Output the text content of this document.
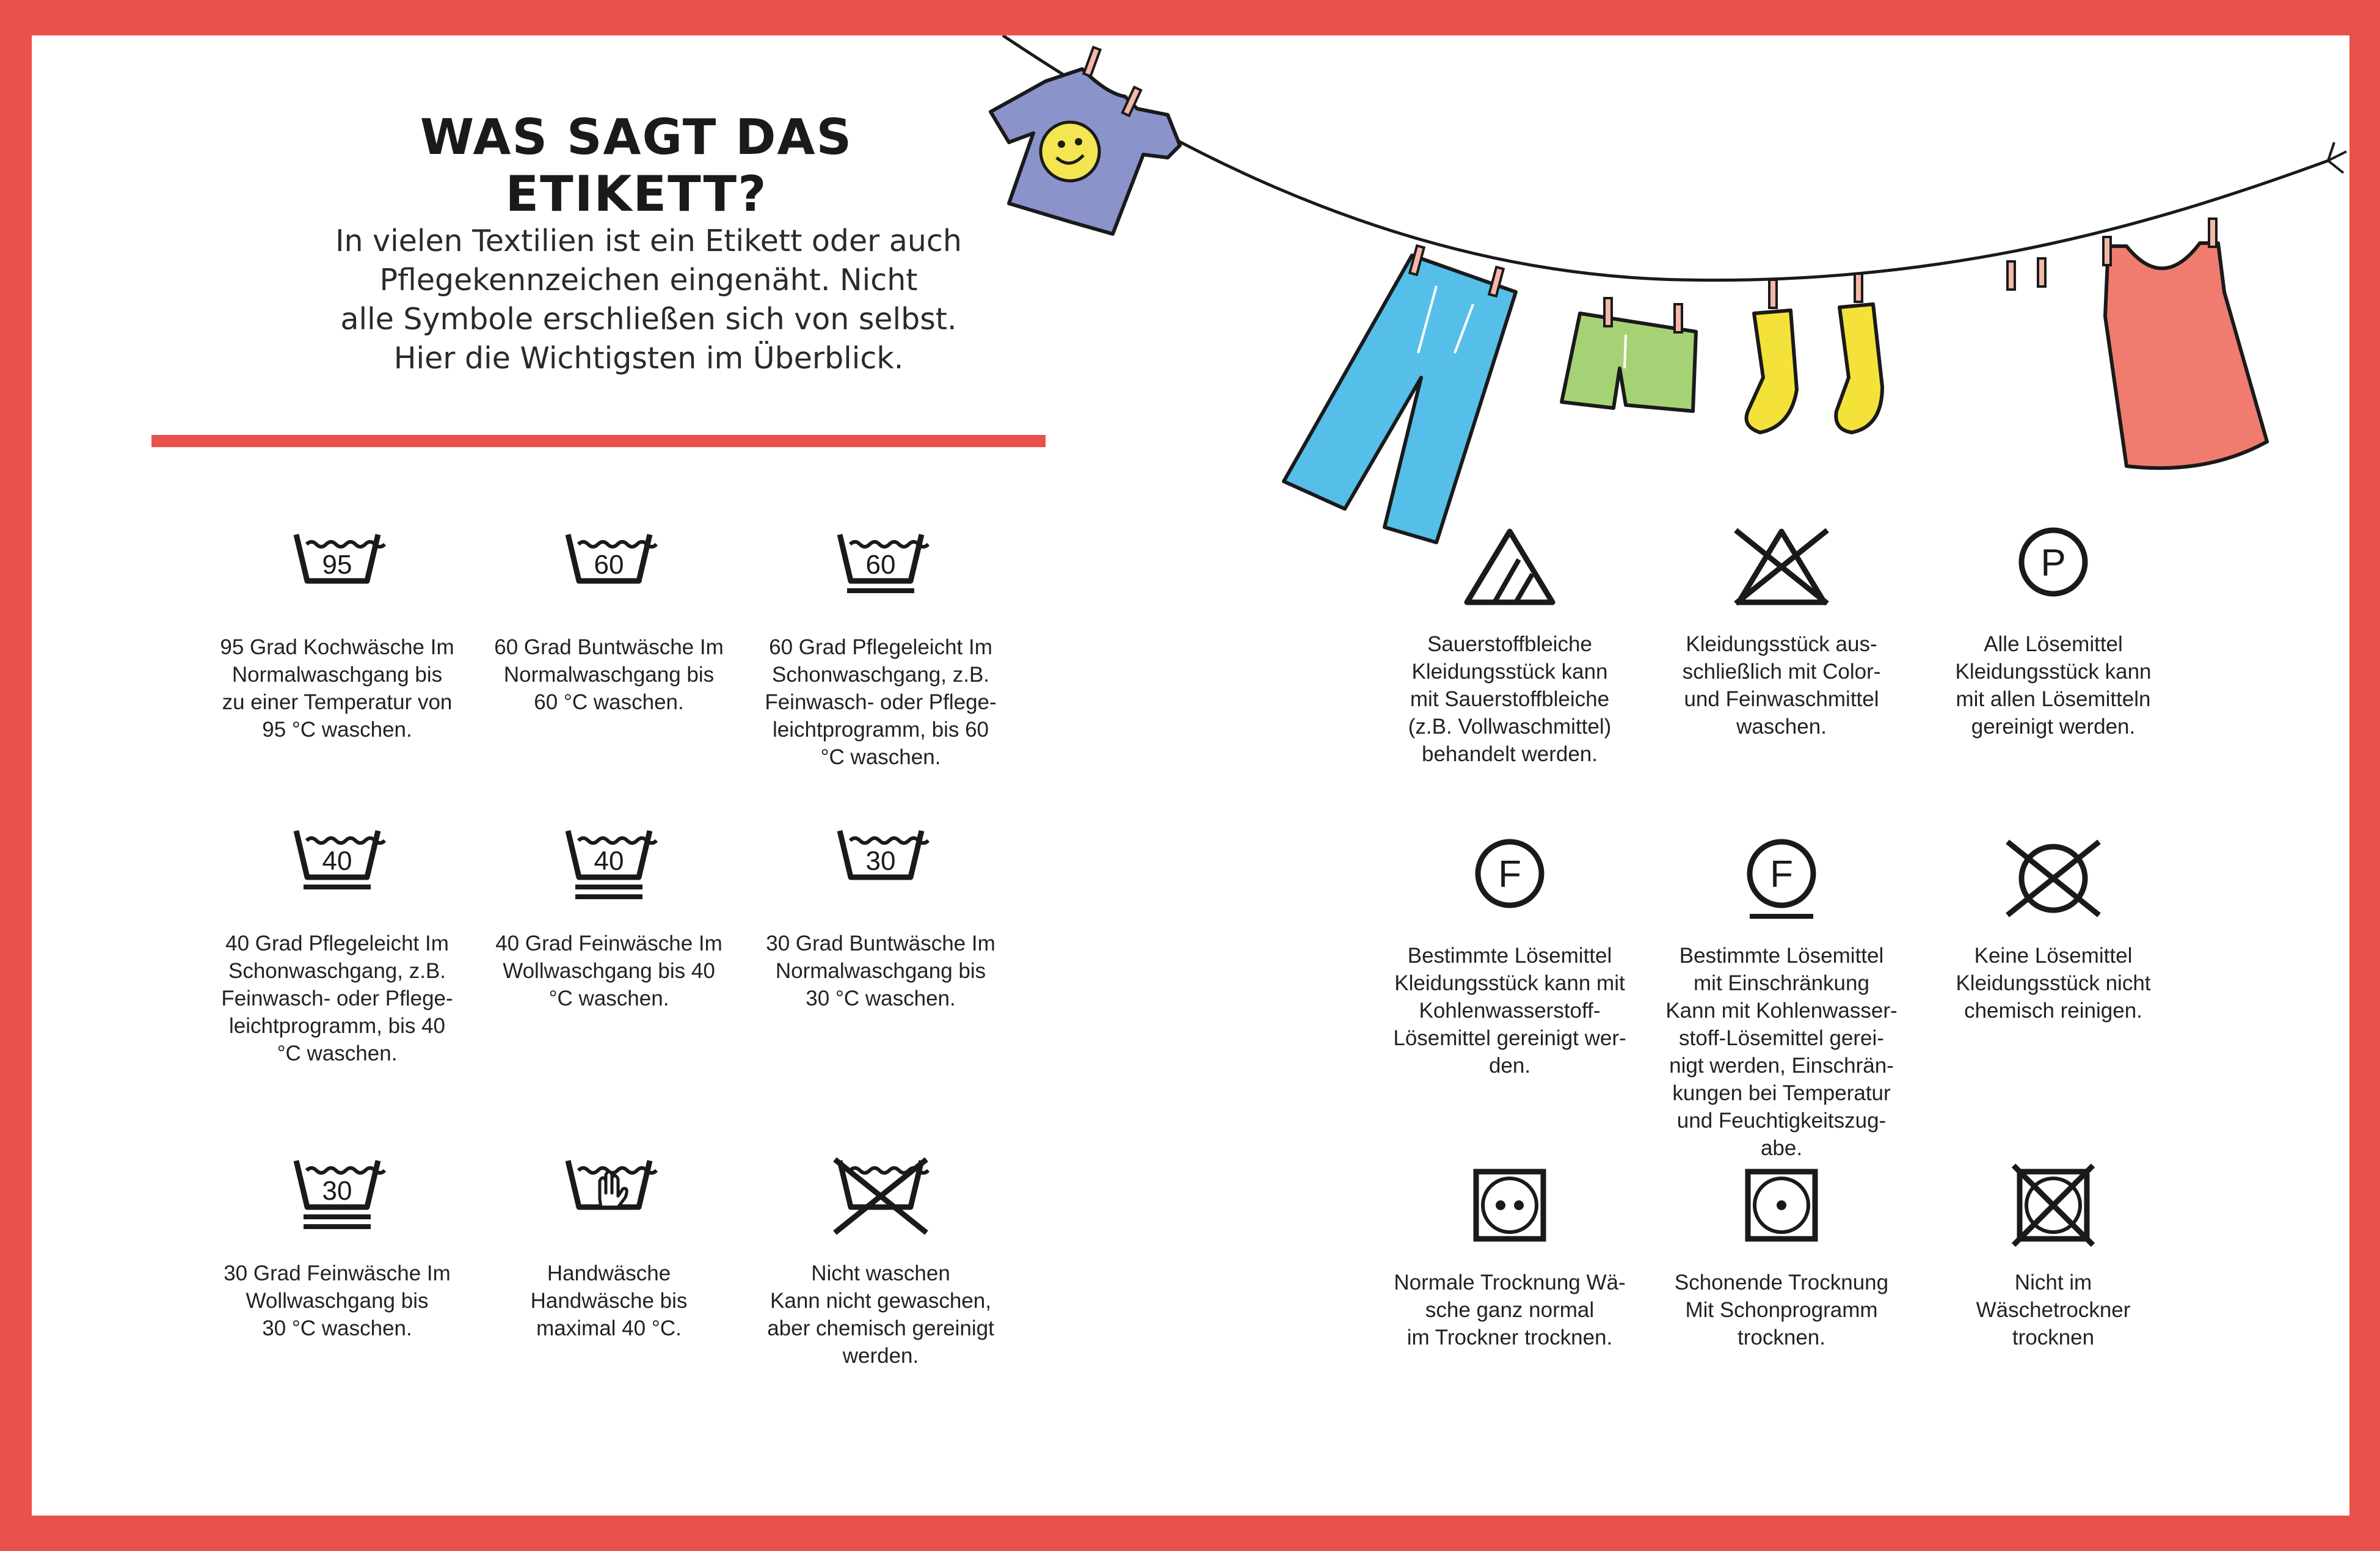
WAS SAGT DAS ETIKETT?
In vielen Textilien ist ein Etikett oder auch
Pflegekennzeichen eingenäht. Nicht
alle Symbole erschließen sich von selbst.
Hier die Wichtigsten im Überblick.
95
95 Grad Kochwäsche Im
Normalwaschgang bis
zu einer Temperatur von
95 °C waschen.
60
60 Grad Buntwäsche Im
Normalwaschgang bis
60 °C waschen.
60
60 Grad Pflegeleicht Im
Schonwaschgang, z.B.
Feinwasch- oder Pflege-
leichtprogramm, bis 60
°C waschen.
40
40 Grad Pflegeleicht Im
Schonwaschgang, z.B.
Feinwasch- oder Pflege-
leichtprogramm, bis 40
°C waschen.
40
40 Grad Feinwäsche Im
Wollwaschgang bis 40
°C waschen.
30
30 Grad Buntwäsche Im
Normalwaschgang bis
30 °C waschen.
30
30 Grad Feinwäsche Im
Wollwaschgang bis
30 °C waschen.
Handwäsche
Handwäsche bis
maximal 40 °C.
Nicht waschen
Kann nicht gewaschen,
aber chemisch gereinigt
werden.
Sauerstoffbleiche
Kleidungsstück kann
mit Sauerstoffbleiche
(z.B. Vollwaschmittel)
behandelt werden.
Kleidungsstück aus-
schließlich mit Color-
und Feinwaschmittel
waschen.
P
Alle Lösemittel
Kleidungsstück kann
mit allen Lösemitteln
gereinigt werden.
F
Bestimmte Lösemittel
Kleidungsstück kann mit
Kohlenwasserstoff-
Lösemittel gereinigt wer-
den.
F
Bestimmte Lösemittel
mit Einschränkung
Kann mit Kohlenwasser-
stoff-Lösemittel gerei-
nigt werden, Einschrän-
kungen bei Temperatur
und Feuchtigkeitszug-
abe.
Keine Lösemittel
Kleidungsstück nicht
chemisch reinigen.
Normale Trocknung Wä-
sche ganz normal
im Trockner trocknen.
Schonende Trocknung
Mit Schonprogramm
trocknen.
Nicht im
Wäschetrockner
trocknen
